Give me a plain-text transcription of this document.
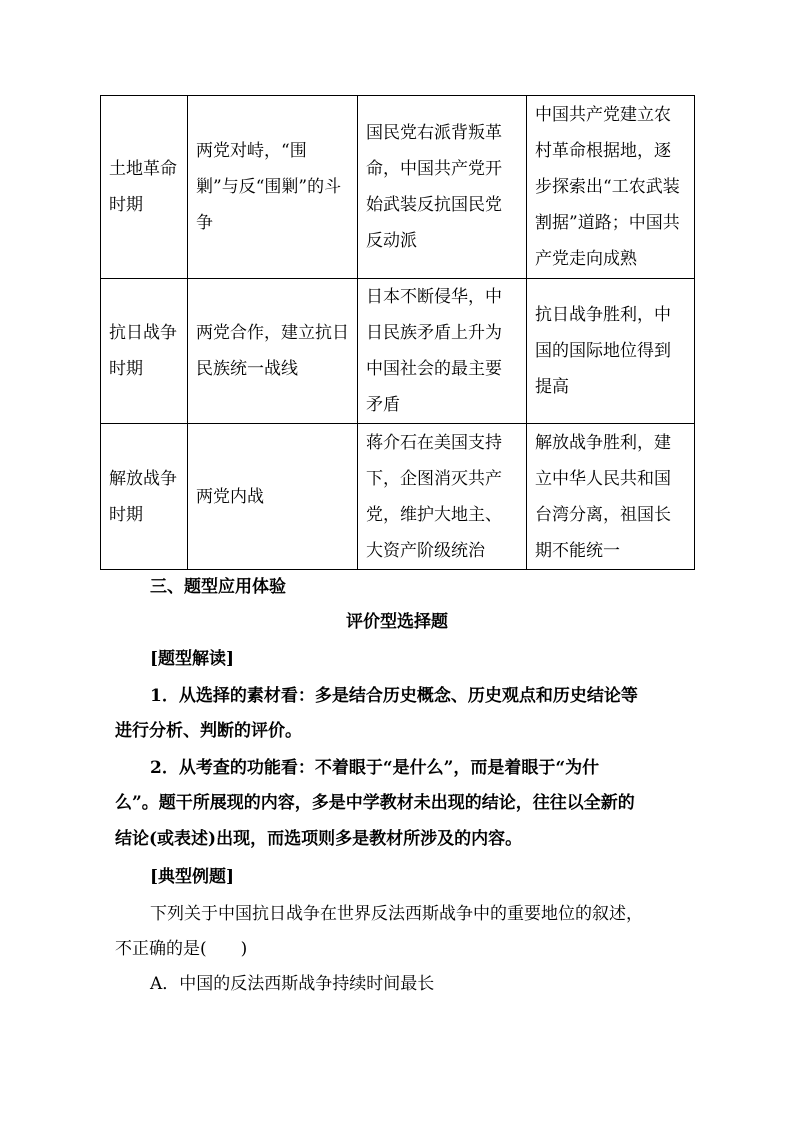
土地革命时期	两党对峙，“围剿”与反“围剿”的斗争	国民党右派背叛革命，中国共产党开始武装反抗国民党反动派	中国共产党建立农村革命根据地，逐步探索出“工农武装割据”道路；中国共产党走向成熟
抗日战争时期	两党合作，建立抗日民族统一战线	日本不断侵华，中日民族矛盾上升为中国社会的最主要矛盾	抗日战争胜利，中国的国际地位得到提高
解放战争时期	两党内战	蒋介石在美国支持下，企图消灭共产党，维护大地主、大资产阶级统治	解放战争胜利，建立中华人民共和国台湾分离，祖国长期不能统一
三、题型应用体验
评价型选择题
[题型解读]
1．从选择的素材看：多是结合历史概念、历史观点和历史结论等
进行分析、判断的评价。
2．从考查的功能看：不着眼于“是什么”，而是着眼于“为什
么”。题干所展现的内容，多是中学教材未出现的结论，往往以全新的
结论(或表述)出现，而选项则多是教材所涉及的内容。
[典型例题]
下列关于中国抗日战争在世界反法西斯战争中的重要地位的叙述，
不正确的是(　　)
A．中国的反法西斯战争持续时间最长
